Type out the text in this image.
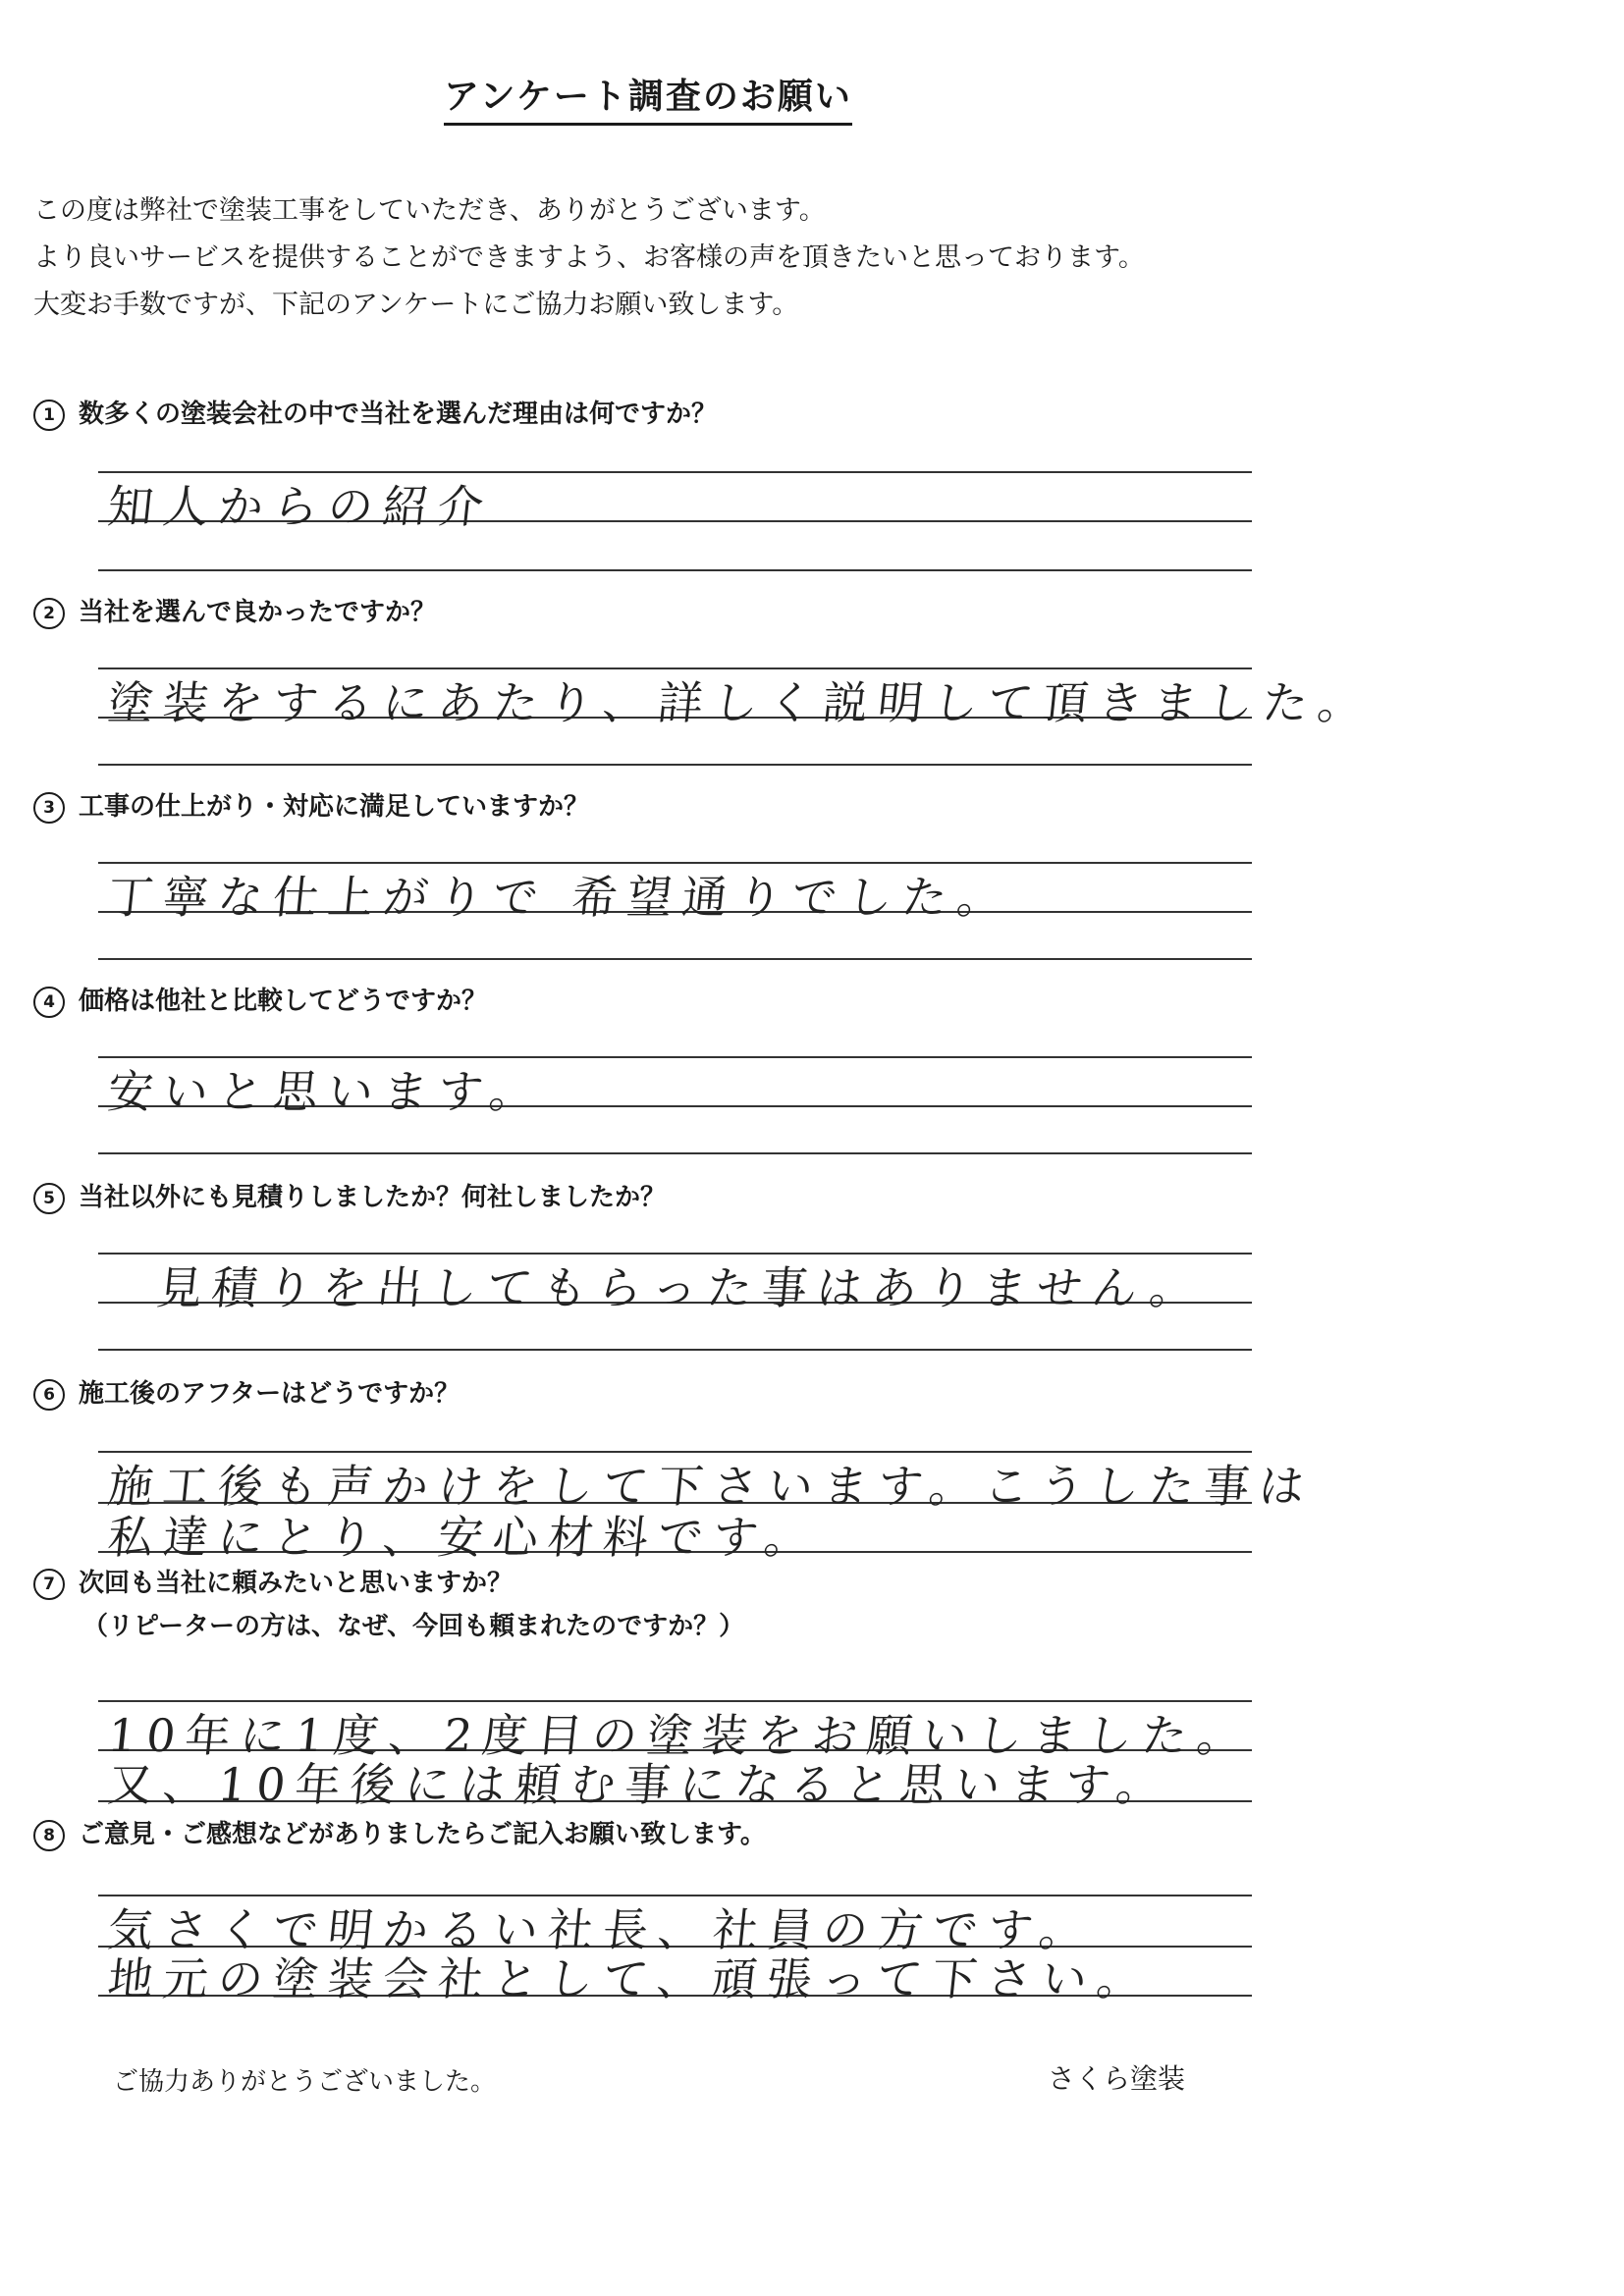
アンケート調査のお願い

この度は弊社で塗装工事をしていただき、ありがとうございます。

より良いサービスを提供することができますよう、お客様の声を頂きたいと思っております。

大変お手数ですが、下記のアンケートにご協力お願い致します。

1 数多くの塗装会社の中で当社を選んだ理由は何ですか？
知人からの紹介
2 当社を選んで良かったですか？
塗装をするにあたり、詳しく説明して頂きました。
3 工事の仕上がり・対応に満足していますか？
丁寧な仕上がりで 希望通りでした。
4 価格は他社と比較してどうですか？
安いと思います。
5 当社以外にも見積りしましたか？何社しましたか？
見積りを出してもらった事はありません。
6 施工後のアフターはどうですか？
施工後も声かけをして下さいます。こうした事は
私達にとり、安心材料です。
7 次回も当社に頼みたいと思いますか？
（リピーターの方は、なぜ、今回も頼まれたのですか？）
10年に1度、2度目の塗装をお願いしました。
又、10年後には頼む事になると思います。
8 ご意見・ご感想などがありましたらご記入お願い致します。
気さくで明かるい社長、社員の方です。
地元の塗装会社として、頑張って下さい。
ご協力ありがとうございました。	さくら塗装
